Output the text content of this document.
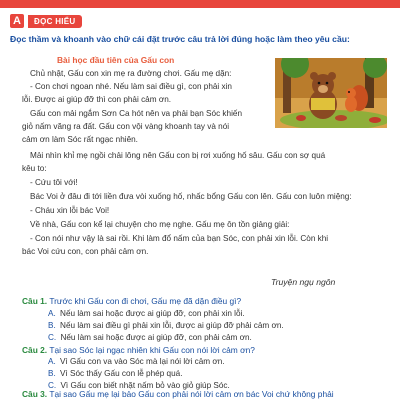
A	ĐỌC HIỂU
Đọc thầm và khoanh vào chữ cái đặt trước câu trả lời đúng hoặc làm theo yêu cầu:
Bài học đầu tiên của Gấu con

Chủ nhật, Gấu con xin mẹ ra đường chơi. Gấu mẹ dặn:

- Con chơi ngoan nhé. Nếu làm sai điều gì, con phải xin

lỗi. Được ai giúp đỡ thì con phải cảm ơn.

Gấu con mải ngắm Sơn Ca hót nên va phải bạn Sóc khiến

giỏ nấm văng ra đất. Gấu con vội vàng khoanh tay và nói

cảm ơn làm Sóc rất ngạc nhiên.

Mải nhìn khỉ mẹ ngồi chải lông nên Gấu con bị rơi xuống hố sâu. Gấu con sợ quá

kêu to:

- Cứu tôi với!

Bác Voi ở đâu đi tới liền đưa vòi xuống hố, nhấc bổng Gấu con lên. Gấu con luôn miệng:

- Cháu xin lỗi bác Voi!

Về nhà, Gấu con kể lại chuyện cho mẹ nghe. Gấu mẹ ôn tồn giảng giải:

- Con nói như vậy là sai rồi. Khi làm đổ nấm của bạn Sóc, con phải xin lỗi. Còn khi

bác Voi cứu con, con phải cảm ơn.

Truyện ngụ ngôn
Câu 1. Trước khi Gấu con đi chơi, Gấu mẹ đã dặn điều gì?
A. Nếu làm sai hoặc được ai giúp đỡ, con phải xin lỗi.
B. Nếu làm sai điều gì phải xin lỗi, được ai giúp đỡ phải cảm ơn.
C. Nếu làm sai hoặc được ai giúp đỡ, con phải cảm ơn.
Câu 2. Tại sao Sóc lại ngạc nhiên khi Gấu con nói lời cảm ơn?
A. Vì Gấu con va vào Sóc mà lại nói lời cảm ơn.
B. Vì Sóc thấy Gấu con lễ phép quá.
C. Vì Gấu con biết nhặt nấm bỏ vào giỏ giúp Sóc.
Câu 3. Tại sao Gấu mẹ lại bảo Gấu con phải nói lời cảm ơn bác Voi chứ không phải
